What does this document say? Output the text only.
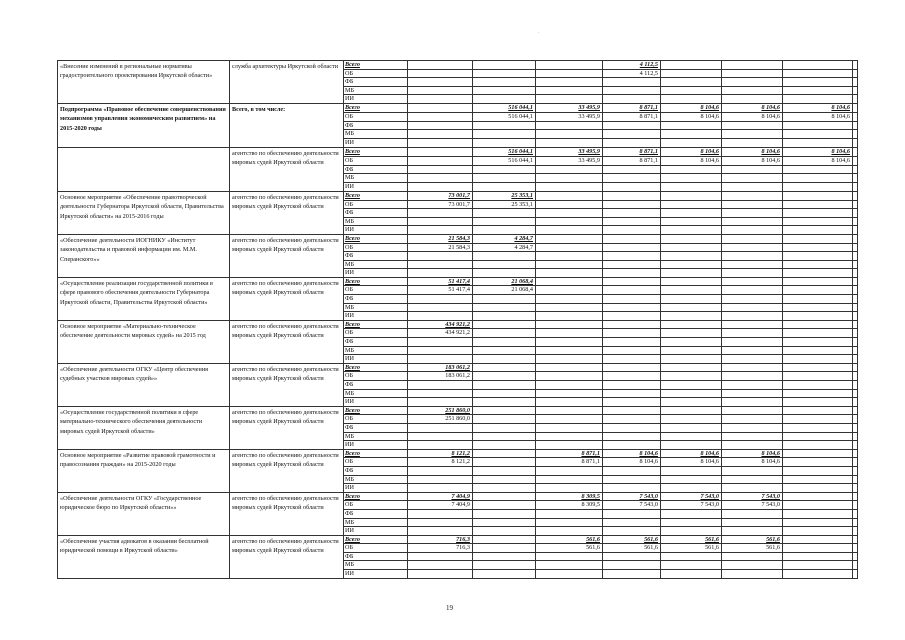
·
«Внесение изменений в региональные нормативы градостроительного проектирования Иркутской области»	служба архитектуры Иркутской области	Всего				4 112,5				
		ОБ				4 112,5				
		ФБ								
		МБ								
		ИИ								
Подпрограмма «Правовое обеспечение совершенствования механизмов управления экономическим развитием» на 2015-2020 годы	Всего, в том числе:	Всего		516 044,1	33 495,9	8 871,1	8 104,6	8 104,6	8 104,6	
		ОБ		516 044,1	33 495,9	8 871,1	8 104,6	8 104,6	8 104,6	
		ФБ								
		МБ								
		ИИ								
	агентство по обеспечению деятельности мировых судей Иркутской области	Всего		516 044,1	33 495,9	8 871,1	8 104,6	8 104,6	8 104,6	
		ОБ		516 044,1	33 495,9	8 871,1	8 104,6	8 104,6	8 104,6	
		ФБ								
		МБ								
		ИИ								
Основное мероприятие «Обеспечение правотворческой деятельности Губернатора Иркутской области, Правительства Иркутской области» на 2015-2016 годы	агентство по обеспечению деятельности мировых судей Иркутской области	Всего	73 001,7	25 353,1						
		ОБ	73 001,7	25 353,1						
		ФБ								
		МБ								
		ИИ								
«Обеспечение деятельности ИОГНИКУ «Институт законодательства и правовой информации им. М.М. Сперанского»»	агентство по обеспечению деятельности мировых судей Иркутской области	Всего	21 584,3	4 284,7						
		ОБ	21 584,3	4 284,7						
		ФБ								
		МБ								
		ИИ								
«Осуществление реализации государственной политики в сфере правового обеспечения деятельности Губернатора Иркутской области, Правительства Иркутской области»	агентство по обеспечению деятельности мировых судей Иркутской области	Всего	51 417,4	21 068,4						
		ОБ	51 417,4	21 068,4						
		ФБ								
		МБ								
		ИИ								
Основное мероприятие «Материально-техническое обеспечение деятельности мировых судей» на 2015 год	агентство по обеспечению деятельности мировых судей Иркутской области	Всего	434 921,2							
		ОБ	434 921,2							
		ФБ								
		МБ								
		ИИ								
«Обеспечение деятельности ОГКУ «Центр обеспечения судебных участков мировых судей»»	агентство по обеспечению деятельности мировых судей Иркутской области	Всего	183 061,2							
		ОБ	183 061,2							
		ФБ								
		МБ								
		ИИ								
«Осуществление государственной политики в сфере материально-технического обеспечения деятельности мировых судей Иркутской области»	агентство по обеспечению деятельности мировых судей Иркутской области	Всего	251 860,0							
		ОБ	251 860,0							
		ФБ								
		МБ								
		ИИ								
Основное мероприятие «Развитие правовой грамотности и правосознания граждан» на 2015-2020 годы	агентство по обеспечению деятельности мировых судей Иркутской области	Всего	8 121,2		8 871,1	8 104,6	8 104,6	8 104,6		
		ОБ	8 121,2		8 871,1	8 104,6	8 104,6	8 104,6		
		ФБ								
		МБ								
		ИИ								
«Обеспечение деятельности ОГКУ «Государственное юридическое бюро по Иркутской области»»	агентство по обеспечению деятельности мировых судей Иркутской области	Всего	7 404,9		8 309,5	7 543,0	7 543,0	7 543,0		
		ОБ	7 404,9		8 309,5	7 543,0	7 543,0	7 543,0		
		ФБ								
		МБ								
		ИИ								
«Обеспечение участия адвокатов в оказании бесплатной юридической помощи в Иркутской области»	агентство по обеспечению деятельности мировых судей Иркутской области	Всего	716,3		561,6	561,6	561,6	561,6		
		ОБ	716,3		561,6	561,6	561,6	561,6		
		ФБ								
		МБ								
		ИИ								
19
